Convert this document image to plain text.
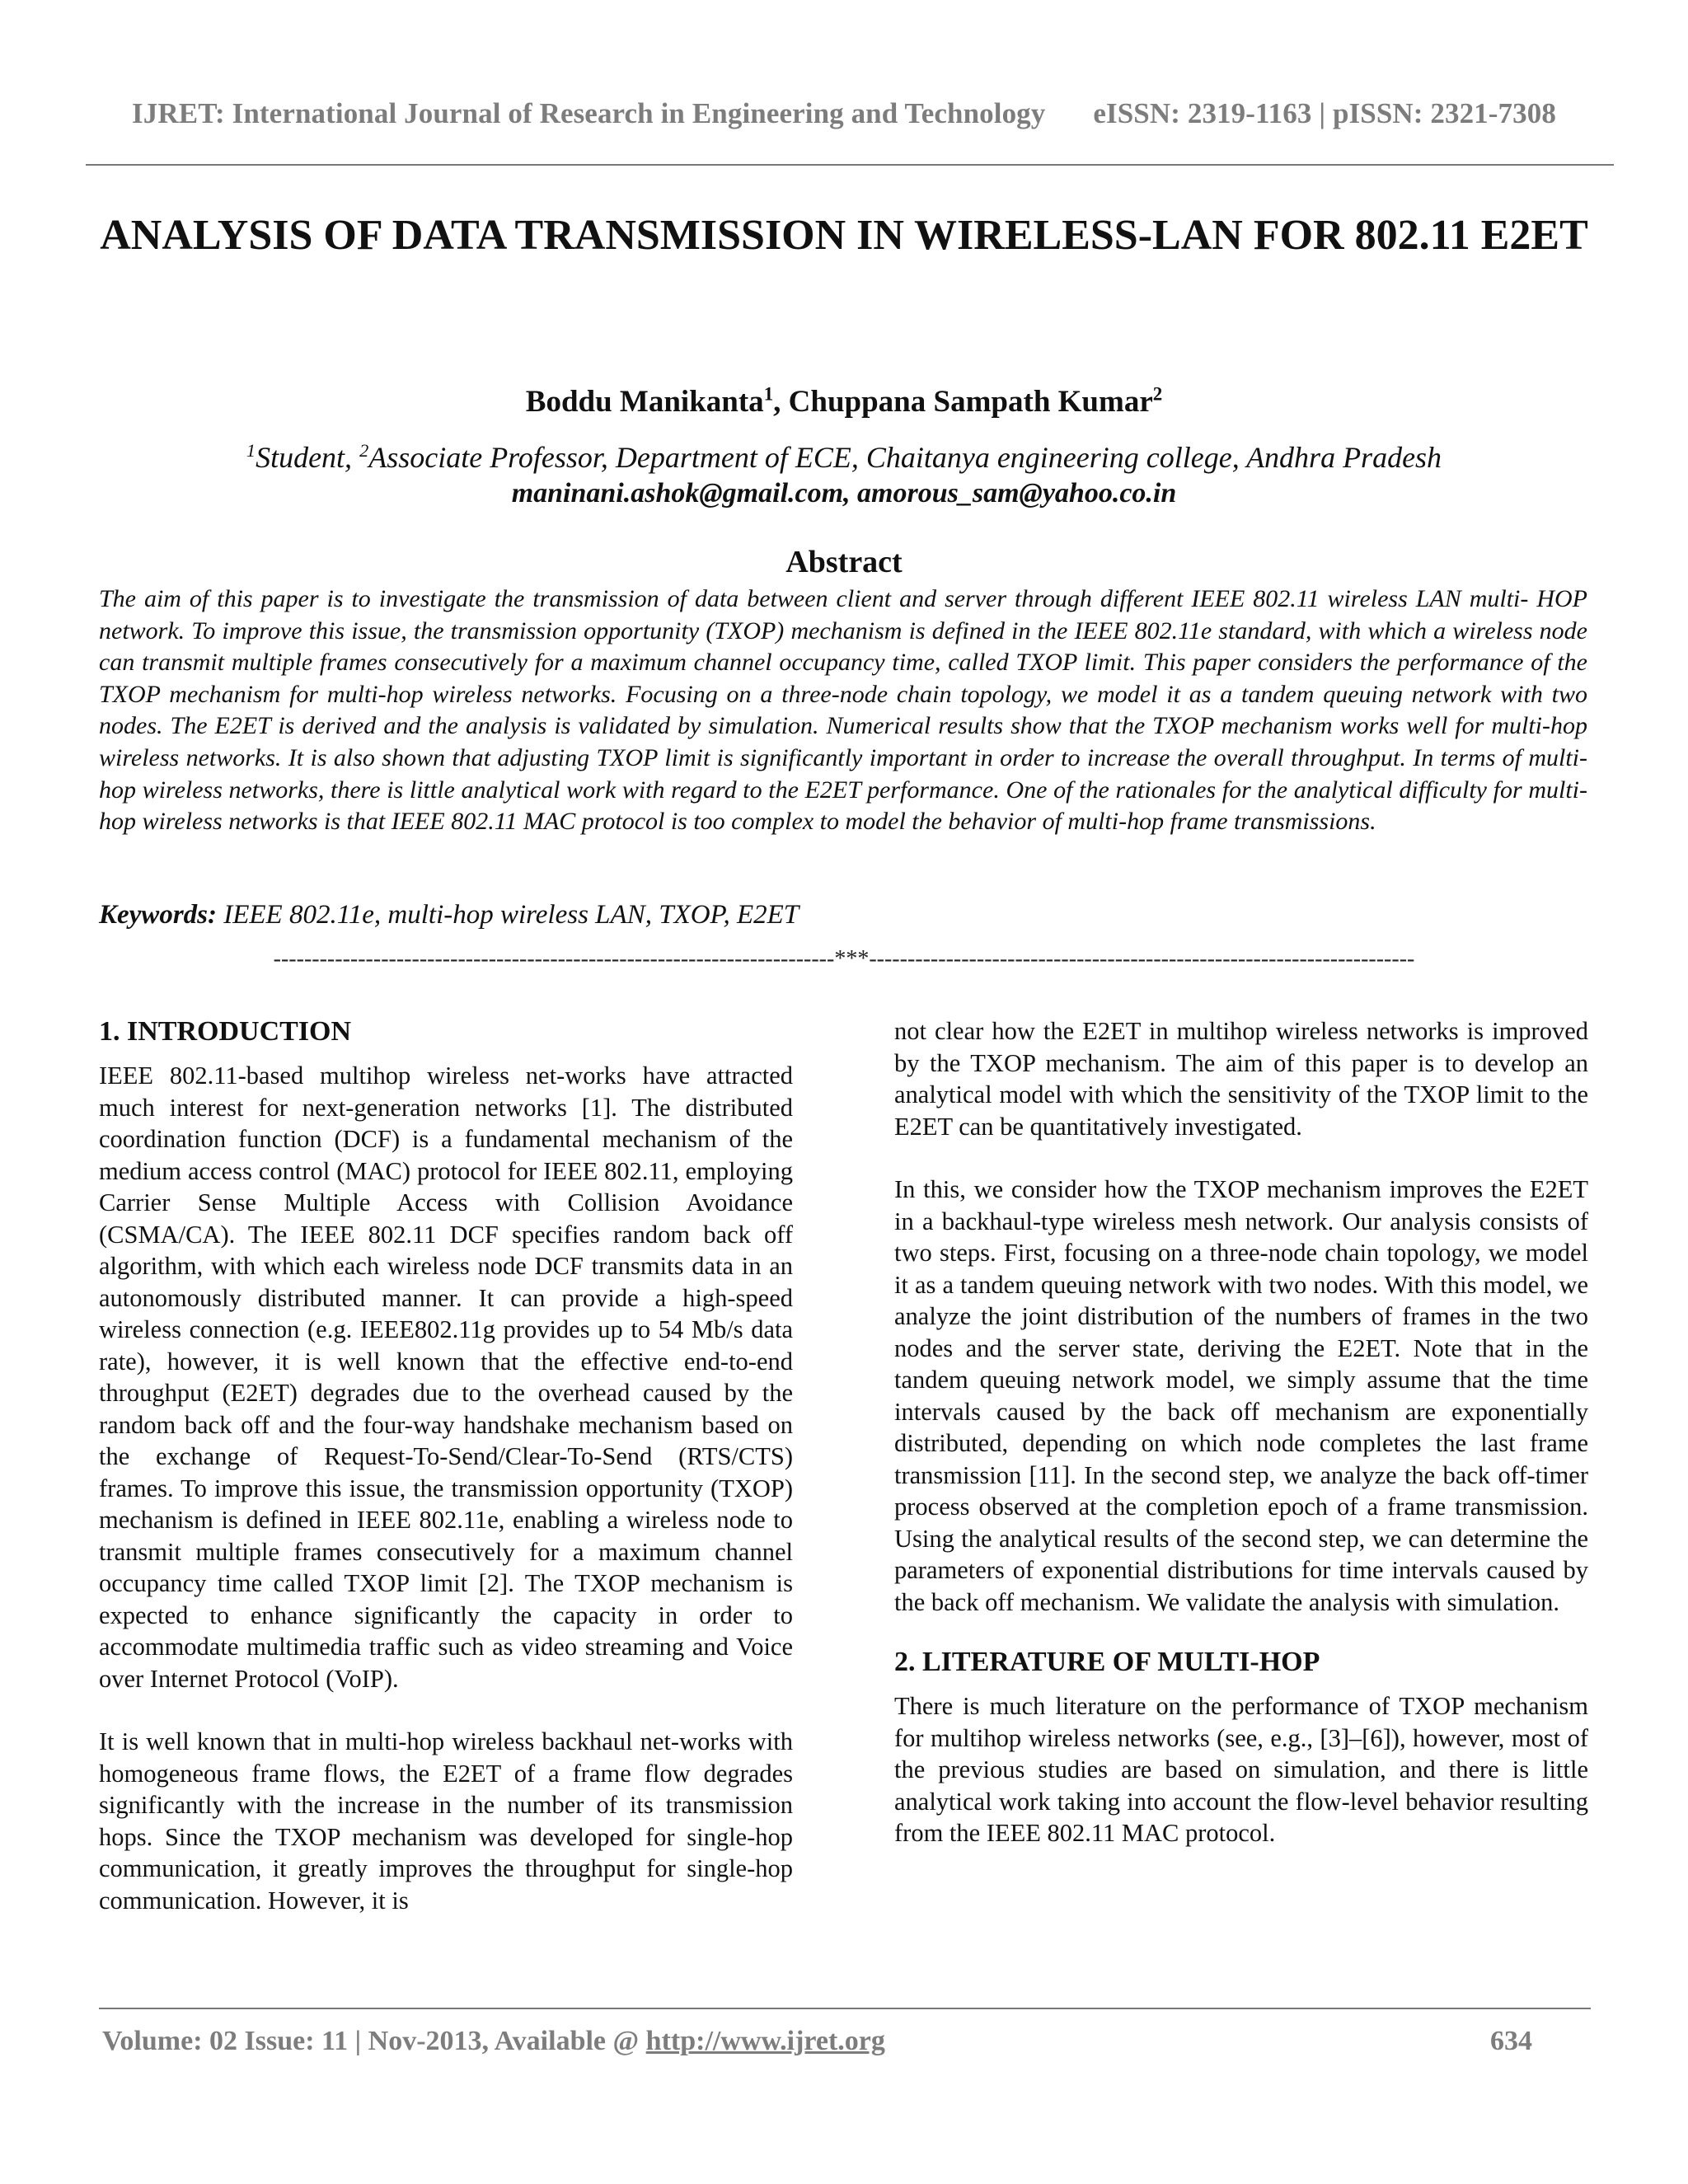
IJRET: International Journal of Research in Engineering and Technology eISSN: 2319-1163 | pISSN: 2321-7308
ANALYSIS OF DATA TRANSMISSION IN WIRELESS-LAN FOR 802.11 E2ET
Boddu Manikanta$^1$, Chuppana Sampath Kumar$^2$
$^1$Student, $^2$Associate Professor, Department of ECE, Chaitanya engineering college, Andhra Pradesh
maninani.ashok@gmail.com, amorous_sam@yahoo.co.in
Abstract

The aim of this paper is to investigate the transmission of data between client and server through different IEEE 802.11 wireless LAN multi- HOP network. To improve this issue, the transmission opportunity (TXOP) mechanism is defined in the IEEE 802.11e standard, with which a wireless node can transmit multiple frames consecutively for a maximum channel occupancy time, called TXOP limit. This paper considers the performance of the TXOP mechanism for multi-hop wireless networks. Focusing on a three-node chain topology, we model it as a tandem queuing network with two nodes. The E2ET is derived and the analysis is validated by simulation. Numerical results show that the TXOP mechanism works well for multi-hop wireless networks. It is also shown that adjusting TXOP limit is significantly important in order to increase the overall throughput. In terms of multi-hop wireless networks, there is little analytical work with regard to the E2ET performance. One of the rationales for the analytical difficulty for multi-hop wireless networks is that IEEE 802.11 MAC protocol is too complex to model the behavior of multi-hop frame transmissions.

Keywords: IEEE 802.11e, multi-hop wireless LAN, TXOP, E2ET
-------------------------------------------------------------------------***-----------------------------------------------------------------------
1. INTRODUCTION

IEEE 802.11-based multihop wireless net-works have attracted much interest for next-generation networks [1]. The distributed coordination function (DCF) is a fundamental mechanism of the medium access control (MAC) protocol for IEEE 802.11, employing Carrier Sense Multiple Access with Collision Avoidance (CSMA/CA). The IEEE 802.11 DCF specifies random back off algorithm, with which each wireless node DCF transmits data in an autonomously distributed manner. It can provide a high-speed wireless connection (e.g. IEEE802.11g provides up to 54 Mb/s data rate), however, it is well known that the effective end-to-end throughput (E2ET) degrades due to the overhead caused by the random back off and the four-way handshake mechanism based on the exchange of Request-To-Send/Clear-To-Send (RTS/CTS) frames. To improve this issue, the transmission opportunity (TXOP) mechanism is defined in IEEE 802.11e, enabling a wireless node to transmit multiple frames consecutively for a maximum channel occupancy time called TXOP limit [2]. The TXOP mechanism is expected to enhance significantly the capacity in order to accommodate multimedia traffic such as video streaming and Voice over Internet Protocol (VoIP).

It is well known that in multi-hop wireless backhaul net-works with homogeneous frame flows, the E2ET of a frame flow degrades significantly with the increase in the number of its transmission hops. Since the TXOP mechanism was developed for single-hop communication, it greatly improves the throughput for single-hop communication. However, it is

not clear how the E2ET in multihop wireless networks is improved by the TXOP mechanism. The aim of this paper is to develop an analytical model with which the sensitivity of the TXOP limit to the E2ET can be quantitatively investigated.

In this, we consider how the TXOP mechanism improves the E2ET in a backhaul-type wireless mesh network. Our analysis consists of two steps. First, focusing on a three-node chain topology, we model it as a tandem queuing network with two nodes. With this model, we analyze the joint distribution of the numbers of frames in the two nodes and the server state, deriving the E2ET. Note that in the tandem queuing network model, we simply assume that the time intervals caused by the back off mechanism are exponentially distributed, depending on which node completes the last frame transmission [11]. In the second step, we analyze the back off-timer process observed at the completion epoch of a frame transmission. Using the analytical results of the second step, we can determine the parameters of exponential distributions for time intervals caused by the back off mechanism. We validate the analysis with simulation.

2. LITERATURE OF MULTI-HOP

There is much literature on the performance of TXOP mechanism for multihop wireless networks (see, e.g., [3]–[6]), however, most of the previous studies are based on simulation, and there is little analytical work taking into account the flow-level behavior resulting from the IEEE 802.11 MAC protocol.

Volume: 02 Issue: 11 | Nov-2013, Available @ http://www.ijret.org	634
